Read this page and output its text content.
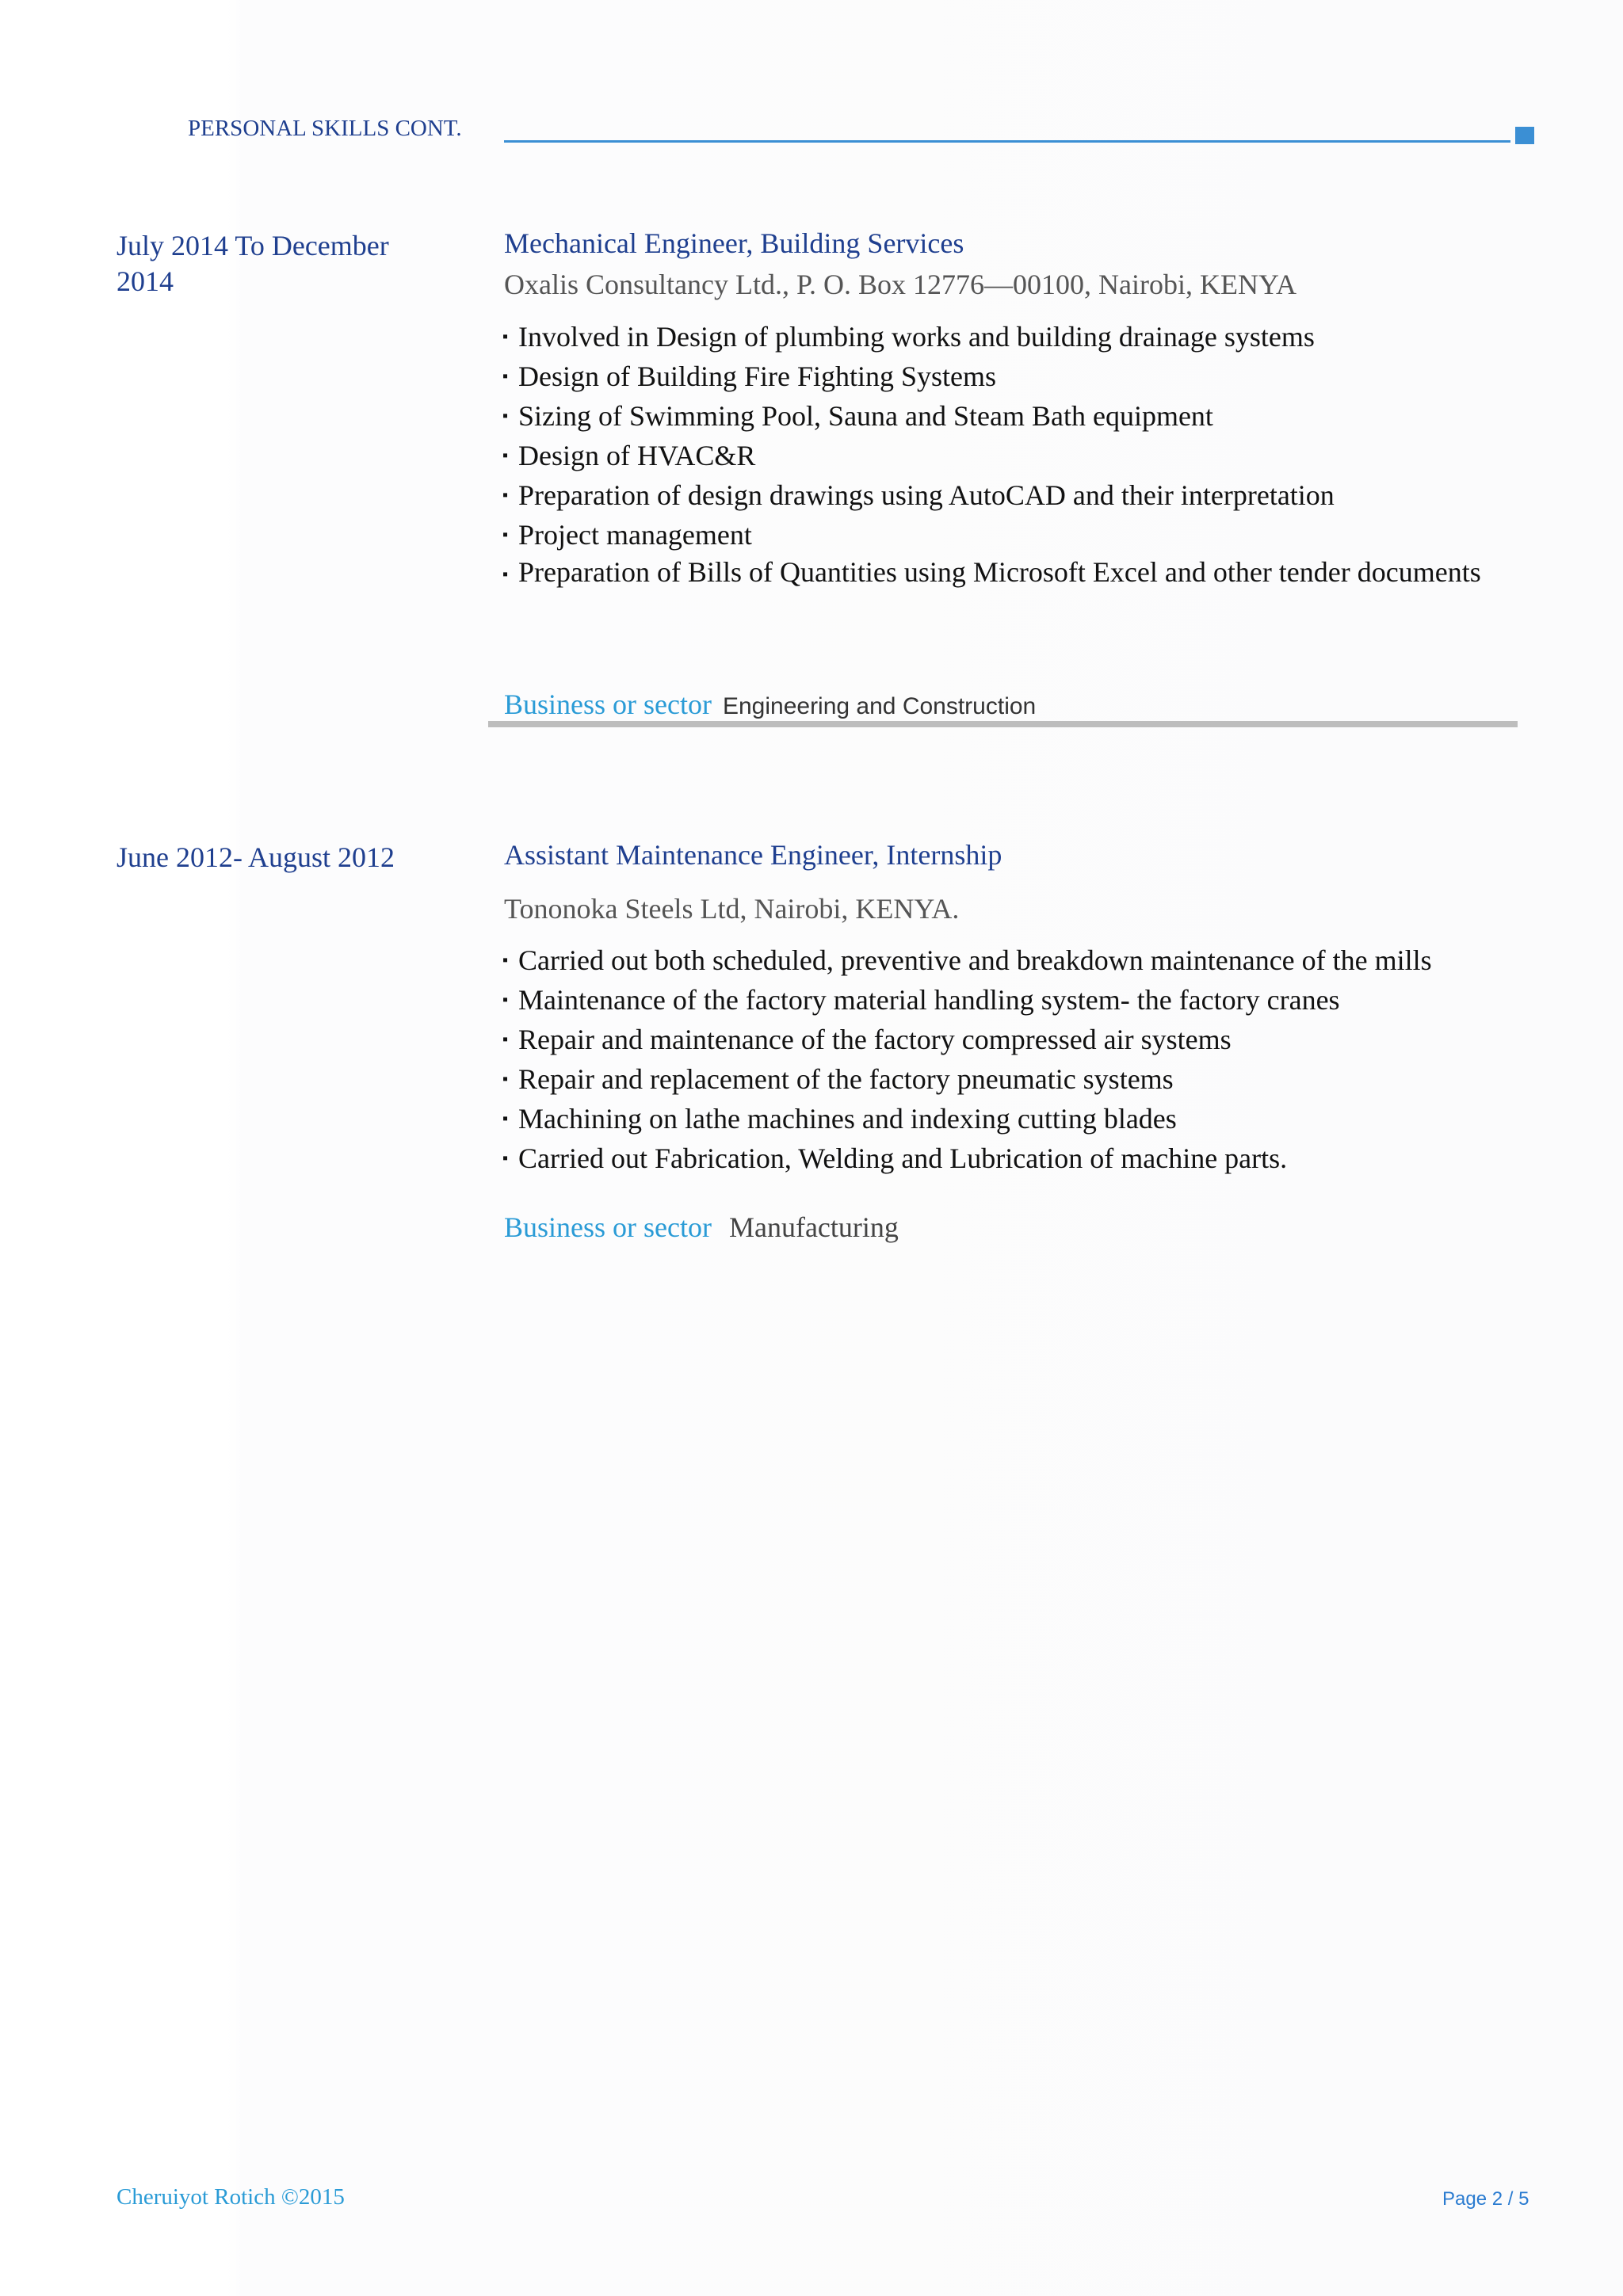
PERSONAL SKILLS CONT.
July 2014 To December 2014
Mechanical Engineer, Building Services
Oxalis Consultancy Ltd., P. O. Box 12776—00100, Nairobi, KENYA
▪ Involved in Design of plumbing works and building drainage systems
▪ Design of Building Fire Fighting Systems
▪ Sizing of Swimming Pool, Sauna and Steam Bath equipment
▪ Design of HVAC&R
▪ Preparation of design drawings using AutoCAD and their interpretation
▪ Project management
▪ Preparation of Bills of Quantities using Microsoft Excel and other tender documents
Business or sector Engineering and Construction
June 2012- August 2012	Assistant Maintenance Engineer, Internship
Tononoka Steels Ltd, Nairobi, KENYA.
▪ Carried out both scheduled, preventive and breakdown maintenance of the mills
▪ Maintenance of the factory material handling system- the factory cranes
▪ Repair and maintenance of the factory compressed air systems
▪ Repair and replacement of the factory pneumatic systems
▪ Machining on lathe machines and indexing cutting blades
▪ Carried out Fabrication, Welding and Lubrication of machine parts.
Business or sector Manufacturing
Cheruiyot Rotich ©2015	Page 2 / 5
